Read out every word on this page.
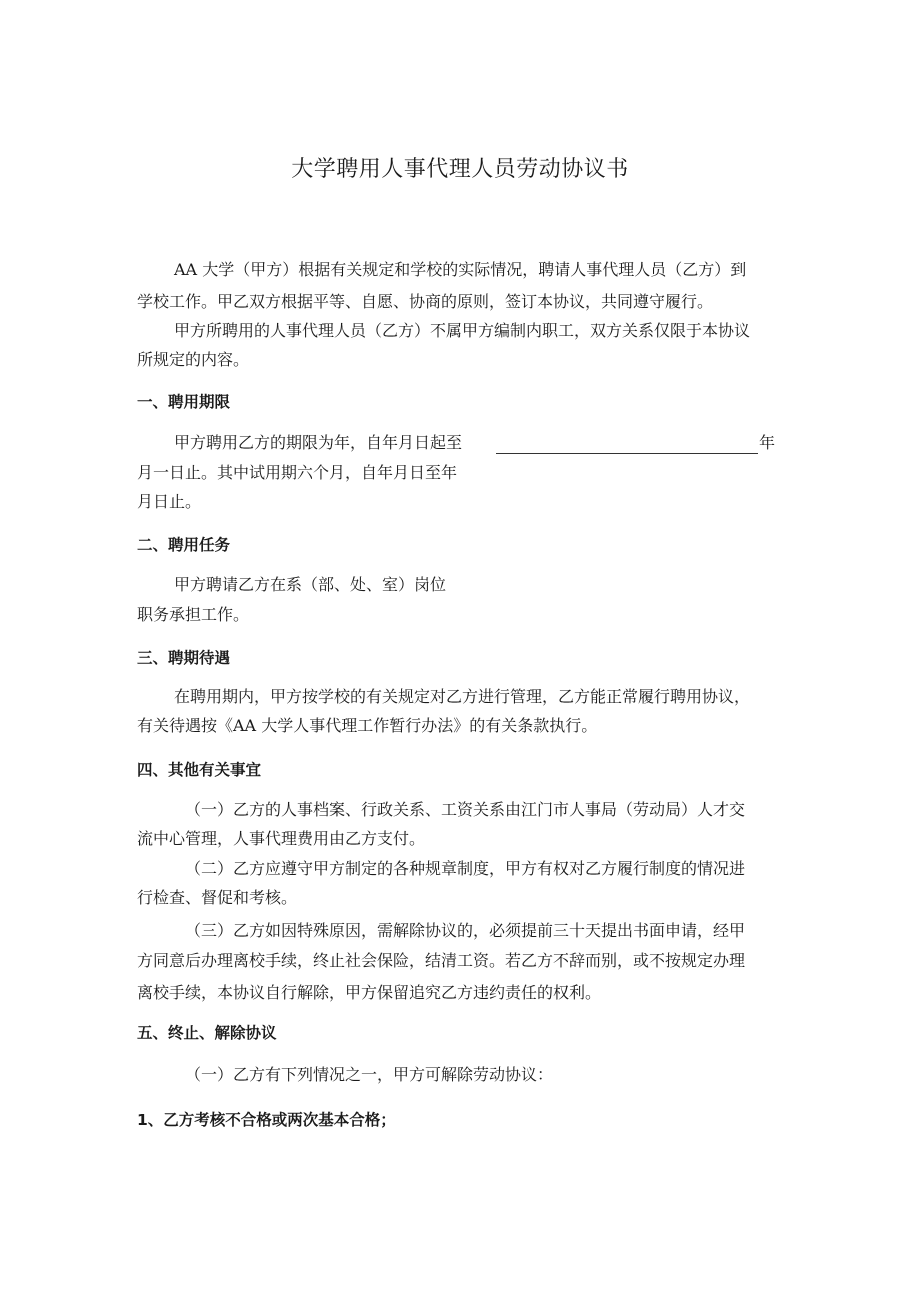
大学聘用人事代理人员劳动协议书
AA 大学（甲方）根据有关规定和学校的实际情况，聘请人事代理人员（乙方）到
学校工作。甲乙双方根据平等、自愿、协商的原则，签订本协议，共同遵守履行。
甲方所聘用的人事代理人员（乙方）不属甲方编制内职工，双方关系仅限于本协议
所规定的内容。
一、聘用期限
甲方聘用乙方的期限为年，自年月日起至	年
月一日止。其中试用期六个月，自年月日至年
月日止。
二、聘用任务
甲方聘请乙方在系（部、处、室）岗位
职务承担工作。
三、聘期待遇
在聘用期内，甲方按学校的有关规定对乙方进行管理，乙方能正常履行聘用协议，
有关待遇按《AA 大学人事代理工作暂行办法》的有关条款执行。
四、其他有关事宜
（一）乙方的人事档案、行政关系、工资关系由江门市人事局（劳动局）人才交
流中心管理，人事代理费用由乙方支付。
（二）乙方应遵守甲方制定的各种规章制度，甲方有权对乙方履行制度的情况进
行检查、督促和考核。
（三）乙方如因特殊原因，需解除协议的，必须提前三十天提出书面申请，经甲
方同意后办理离校手续，终止社会保险，结清工资。若乙方不辞而别，或不按规定办理
离校手续，本协议自行解除，甲方保留追究乙方违约责任的权利。
五、终止、解除协议
（一）乙方有下列情况之一，甲方可解除劳动协议：
1、乙方考核不合格或两次基本合格；
